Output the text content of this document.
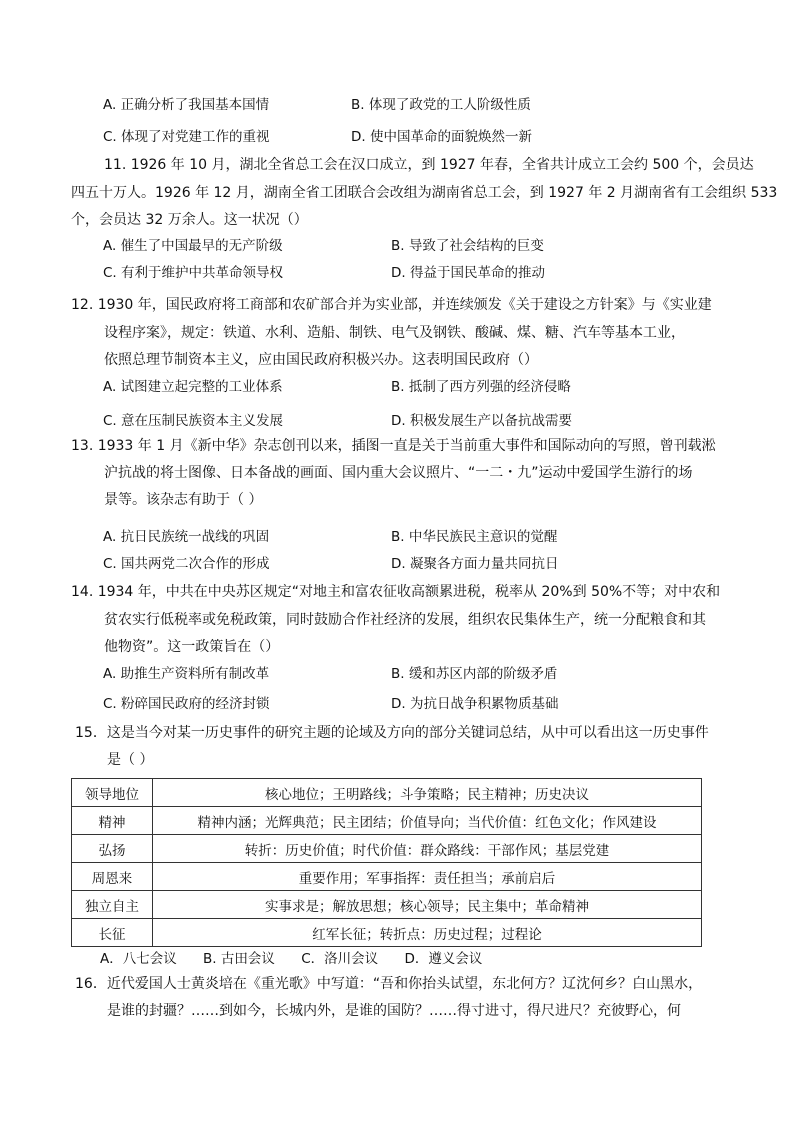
A. 正确分析了我国基本国情	B. 体现了政党的工人阶级性质
C. 体现了对党建工作的重视	D. 使中国革命的面貌焕然一新
11. 1926 年 10 月，湖北全省总工会在汉口成立，到 1927 年春，全省共计成立工会约 500 个，会员达
四五十万人。1926 年 12 月，湖南全省工团联合会改组为湖南省总工会，到 1927 年 2 月湖南省有工会组织 533
个，会员达 32 万余人。这一状况（）
A. 催生了中国最早的无产阶级	B. 导致了社会结构的巨变
C. 有利于维护中共革命领导权	D. 得益于国民革命的推动
12. 1930 年，国民政府将工商部和农矿部合并为实业部，并连续颁发《关于建设之方针案》与《实业建
设程序案》，规定：铁道、水利、造船、制铁、电气及钢铁、酸碱、煤、糖、汽车等基本工业，
依照总理节制资本主义，应由国民政府积极兴办。这表明国民政府（）
A. 试图建立起完整的工业体系	B. 抵制了西方列强的经济侵略
C. 意在压制民族资本主义发展	D. 积极发展生产以备抗战需要
13. 1933 年 1 月《新中华》杂志创刊以来，插图一直是关于当前重大事件和国际动向的写照，曾刊载淞
沪抗战的将士图像、日本备战的画面、国内重大会议照片、“一二・九”运动中爱国学生游行的场
景等。该杂志有助于（ ）
A. 抗日民族统一战线的巩固	B. 中华民族民主意识的觉醒
C. 国共两党二次合作的形成	D. 凝聚各方面力量共同抗日
14. 1934 年，中共在中央苏区规定“对地主和富农征收高额累进税，税率从 20%到 50%不等；对中农和
贫农实行低税率或免税政策，同时鼓励合作社经济的发展，组织农民集体生产，统一分配粮食和其
他物资”。这一政策旨在（）
A. 助推生产资料所有制改革	B. 缓和苏区内部的阶级矛盾
C. 粉碎国民政府的经济封锁	D. 为抗日战争积累物质基础
15．这是当今对某一历史事件的研究主题的论域及方向的部分关键词总结，从中可以看出这一历史事件
是（ ）
领导地位	核心地位；王明路线；斗争策略；民主精神；历史决议
精神	精神内涵；光辉典范；民主团结；价值导向；当代价值：红色文化；作风建设
弘扬	转折：历史价值；时代价值：群众路线：干部作风；基层党建
周恩来	重要作用；军事指挥：责任担当；承前启后
独立自主	实事求是；解放思想；核心领导；民主集中；革命精神
长征	红军长征；转折点：历史过程；过程论
A．八七会议 B. 古田会议 C．洛川会议 D．遵义会议
16．近代爱国人士黄炎培在《重光歌》中写道：“吾和你抬头试望，东北何方？辽沈何乡？白山黑水，
是谁的封疆？……到如今，长城内外，是谁的国防？……得寸进寸，得尺进尺？充彼野心，何
